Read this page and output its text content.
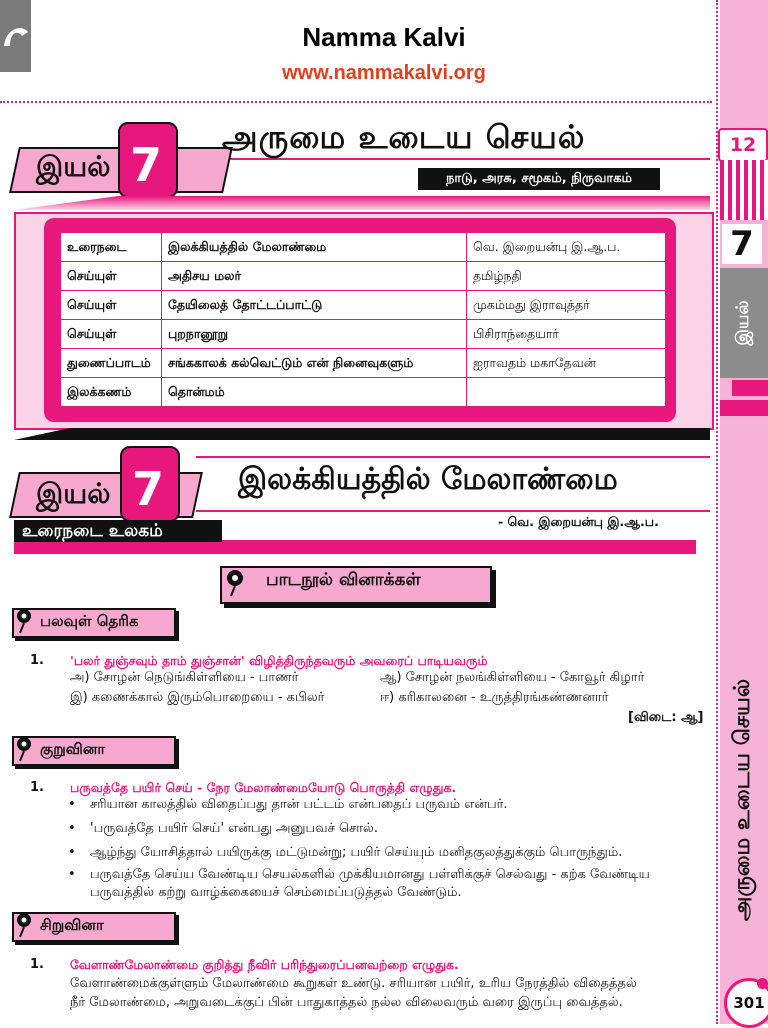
Namma Kalvi
www.nammakalvi.org
12
7
இயல்
அருமை உடைய செயல்
301
இயல் 7
அருமை உடைய செயல்
நாடு, அரசு, சமூகம், நிருவாகம்
உரைநடை	இலக்கியத்தில் மேலாண்மை	வெ. இறையன்பு இ.ஆ.ப.
செய்யுள்	அதிசய மலர்	தமிழ்நதி
செய்யுள்	தேயிலைத் தோட்டப்பாட்டு	முகம்மது இராவுத்தர்
செய்யுள்	புறநானூறு	பிசிராந்தையார்
துணைப்பாடம்	சங்ககாலக் கல்வெட்டும் என் நினைவுகளும்	ஐராவதம் மகாதேவன்
இலக்கணம்	தொன்மம்	
இயல் 7	இலக்கியத்தில் மேலாண்மை
- வெ. இறையன்பு இ.ஆ.ப.
உரைநடை உலகம்
பாடநூல் வினாக்கள்
பலவுள் தெரிக
1. 'பலர் துஞ்சவும் தாம் துஞ்சான்' விழித்திருந்தவரும் அவரைப் பாடியவரும்
அ) சோழன் நெடுங்கிள்ளியை - பாணர்	ஆ) சோழன் நலங்கிள்ளியை - கோவூர் கிழார்
இ) கணைக்கால் இரும்பொறையை - கபிலர்	ஈ) கரிகாலனை - உருத்திரங்கண்ணனார்
[விடை: ஆ]
குறுவினா
1. பருவத்தே பயிர் செய் - நேர மேலாண்மையோடு பொருத்தி எழுதுக.
• சரியான காலத்தில் விதைப்பது தான் பட்டம் என்பதைப் பருவம் என்பர்.
• 'பருவத்தே பயிர் செய்' என்பது அனுபவச் சொல்.
• ஆழ்ந்து யோசித்தால் பயிருக்கு மட்டுமன்று; பயிர் செய்யும் மனிதகுலத்துக்கும் பொருந்தும்.
• பருவத்தே செய்ய வேண்டிய செயல்களில் முக்கியமானது பள்ளிக்குச் செல்வது - கற்க வேண்டிய
பருவத்தில் கற்று வாழ்க்கையைச் செம்மைப்படுத்தல் வேண்டும்.
சிறுவினா
1. வேளாண்மேலாண்மை குறித்து நீவிர் பரிந்துரைப்பனவற்றை எழுதுக.
வேளாண்மைக்குள்ளும் மேலாண்மை கூறுகள் உண்டு. சரியான பயிர், உரிய நேரத்தில் விதைத்தல்
நீர் மேலாண்மை, அறுவடைக்குப் பின் பாதுகாத்தல் நல்ல விலைவரும் வரை இருப்பு வைத்தல்.
